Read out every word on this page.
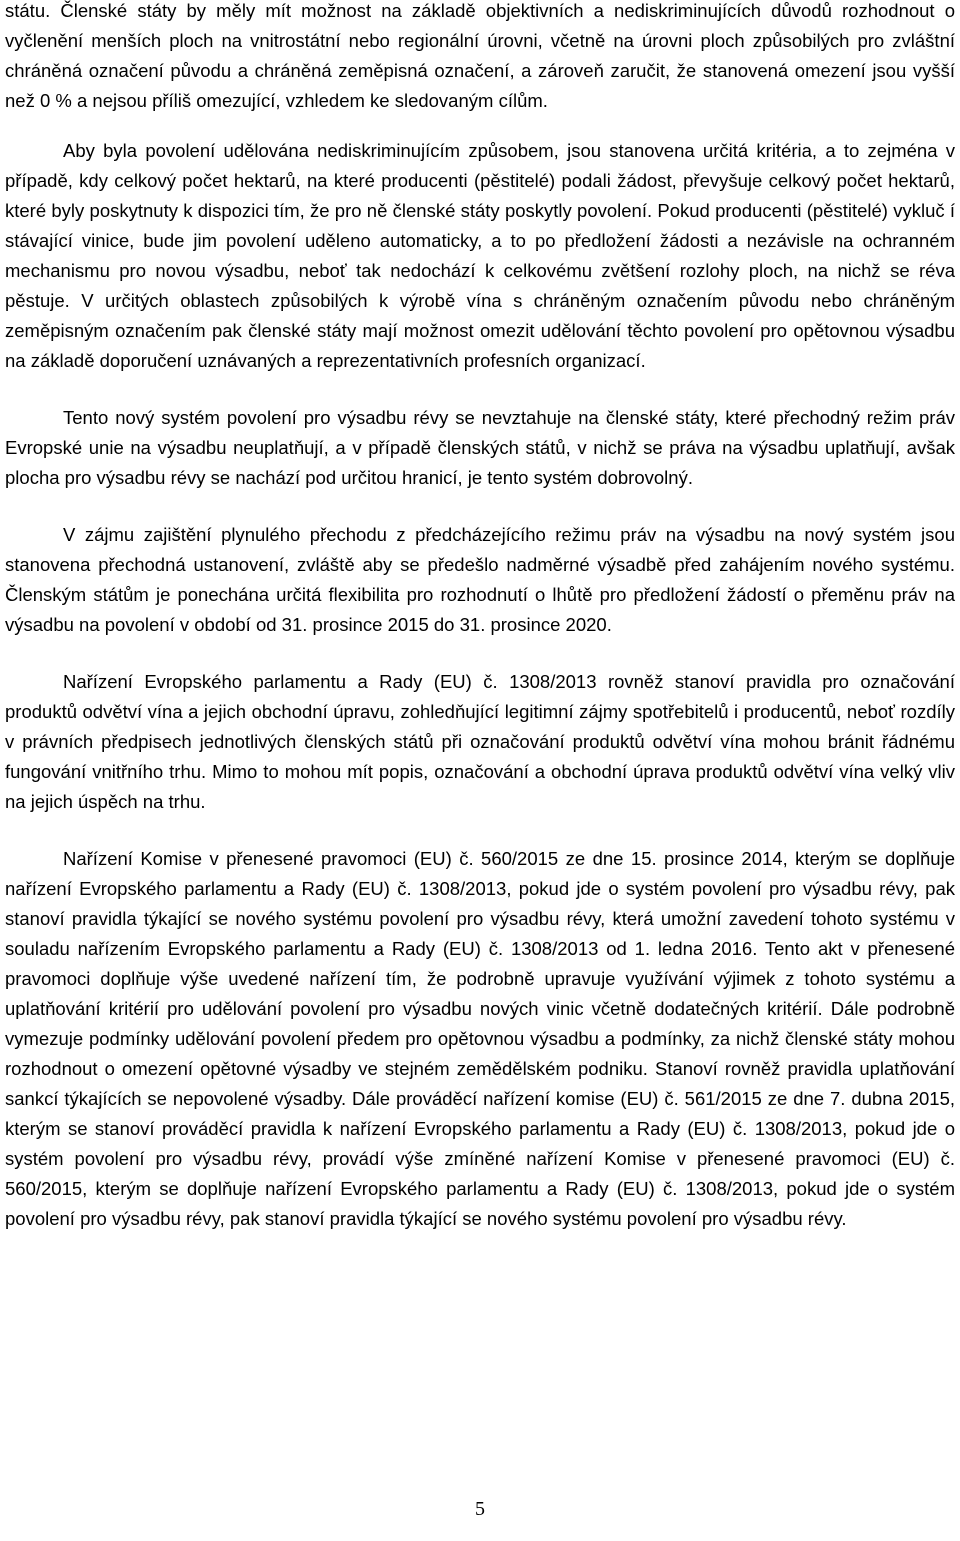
státu. Členské státy by měly mít možnost na základě objektivních a nediskriminujících důvodů rozhodnout o vyčlenění menších ploch na vnitrostátní nebo regionální úrovni, včetně na úrovni ploch způsobilých pro zvláštní chráněná označení původu a chráněná zeměpisná označení, a zároveň zaručit, že stanovená omezení jsou vyšší než 0 % a nejsou příliš omezující, vzhledem ke sledovaným cílům.

Aby byla povolení udělována nediskriminujícím způsobem, jsou stanovena určitá kritéria, a to zejména v případě, kdy celkový počet hektarů, na které producenti (pěstitelé) podali žádost, převyšuje celkový počet hektarů, které byly poskytnuty k dispozici tím, že pro ně členské státy poskytly povolení. Pokud producenti (pěstitelé) vykluč í stávající vinice, bude jim povolení uděleno automaticky, a to po předložení žádosti a nezávisle na ochranném mechanismu pro novou výsadbu, neboť tak nedochází k celkovému zvětšení rozlohy ploch, na nichž se réva pěstuje. V určitých oblastech způsobilých k výrobě vína s chráněným označením původu nebo chráněným zeměpisným označením pak členské státy mají možnost omezit udělování těchto povolení pro opětovnou výsadbu na základě doporučení uznávaných a reprezentativních profesních organizací.

Tento nový systém povolení pro výsadbu révy se nevztahuje na členské státy, které přechodný režim práv Evropské unie na výsadbu neuplatňují, a v případě členských států, v nichž se práva na výsadbu uplatňují, avšak plocha pro výsadbu révy se nachází pod určitou hranicí, je tento systém dobrovolný.

V zájmu zajištění plynulého přechodu z předcházejícího režimu práv na výsadbu na nový systém jsou stanovena přechodná ustanovení, zvláště aby se předešlo nadměrné výsadbě před zahájením nového systému. Členským státům je ponechána určitá flexibilita pro rozhodnutí o lhůtě pro předložení žádostí o přeměnu práv na výsadbu na povolení v období od 31. prosince 2015 do 31. prosince 2020.

Nařízení Evropského parlamentu a Rady (EU) č. 1308/2013 rovněž stanoví pravidla pro označování produktů odvětví vína a jejich obchodní úpravu, zohledňující legitimní zájmy spotřebitelů i producentů, neboť rozdíly v právních předpisech jednotlivých členských států při označování produktů odvětví vína mohou bránit řádnému fungování vnitřního trhu. Mimo to mohou mít popis, označování a obchodní úprava produktů odvětví vína velký vliv na jejich úspěch na trhu.

Nařízení Komise v přenesené pravomoci (EU) č. 560/2015 ze dne 15. prosince 2014, kterým se doplňuje nařízení Evropského parlamentu a Rady (EU) č. 1308/2013, pokud jde o systém povolení pro výsadbu révy, pak stanoví pravidla týkající se nového systému povolení pro výsadbu révy, která umožní zavedení tohoto systému v souladu nařízením Evropského parlamentu a Rady (EU) č. 1308/2013 od 1. ledna 2016. Tento akt v přenesené pravomoci doplňuje výše uvedené nařízení tím, že podrobně upravuje využívání výjimek z tohoto systému a uplatňování kritérií pro udělování povolení pro výsadbu nových vinic včetně dodatečných kritérií. Dále podrobně vymezuje podmínky udělování povolení předem pro opětovnou výsadbu a podmínky, za nichž členské státy mohou rozhodnout o omezení opětovné výsadby ve stejném zemědělském podniku. Stanoví rovněž pravidla uplatňování sankcí týkajících se nepovolené výsadby. Dále prováděcí nařízení komise (EU) č. 561/2015 ze dne 7. dubna 2015, kterým se stanoví prováděcí pravidla k nařízení Evropského parlamentu a Rady (EU) č. 1308/2013, pokud jde o systém povolení pro výsadbu révy, provádí výše zmíněné nařízení Komise v přenesené pravomoci (EU) č. 560/2015, kterým se doplňuje nařízení Evropského parlamentu a Rady (EU) č. 1308/2013, pokud jde o systém povolení pro výsadbu révy, pak stanoví pravidla týkající se nového systému povolení pro výsadbu révy.

5
